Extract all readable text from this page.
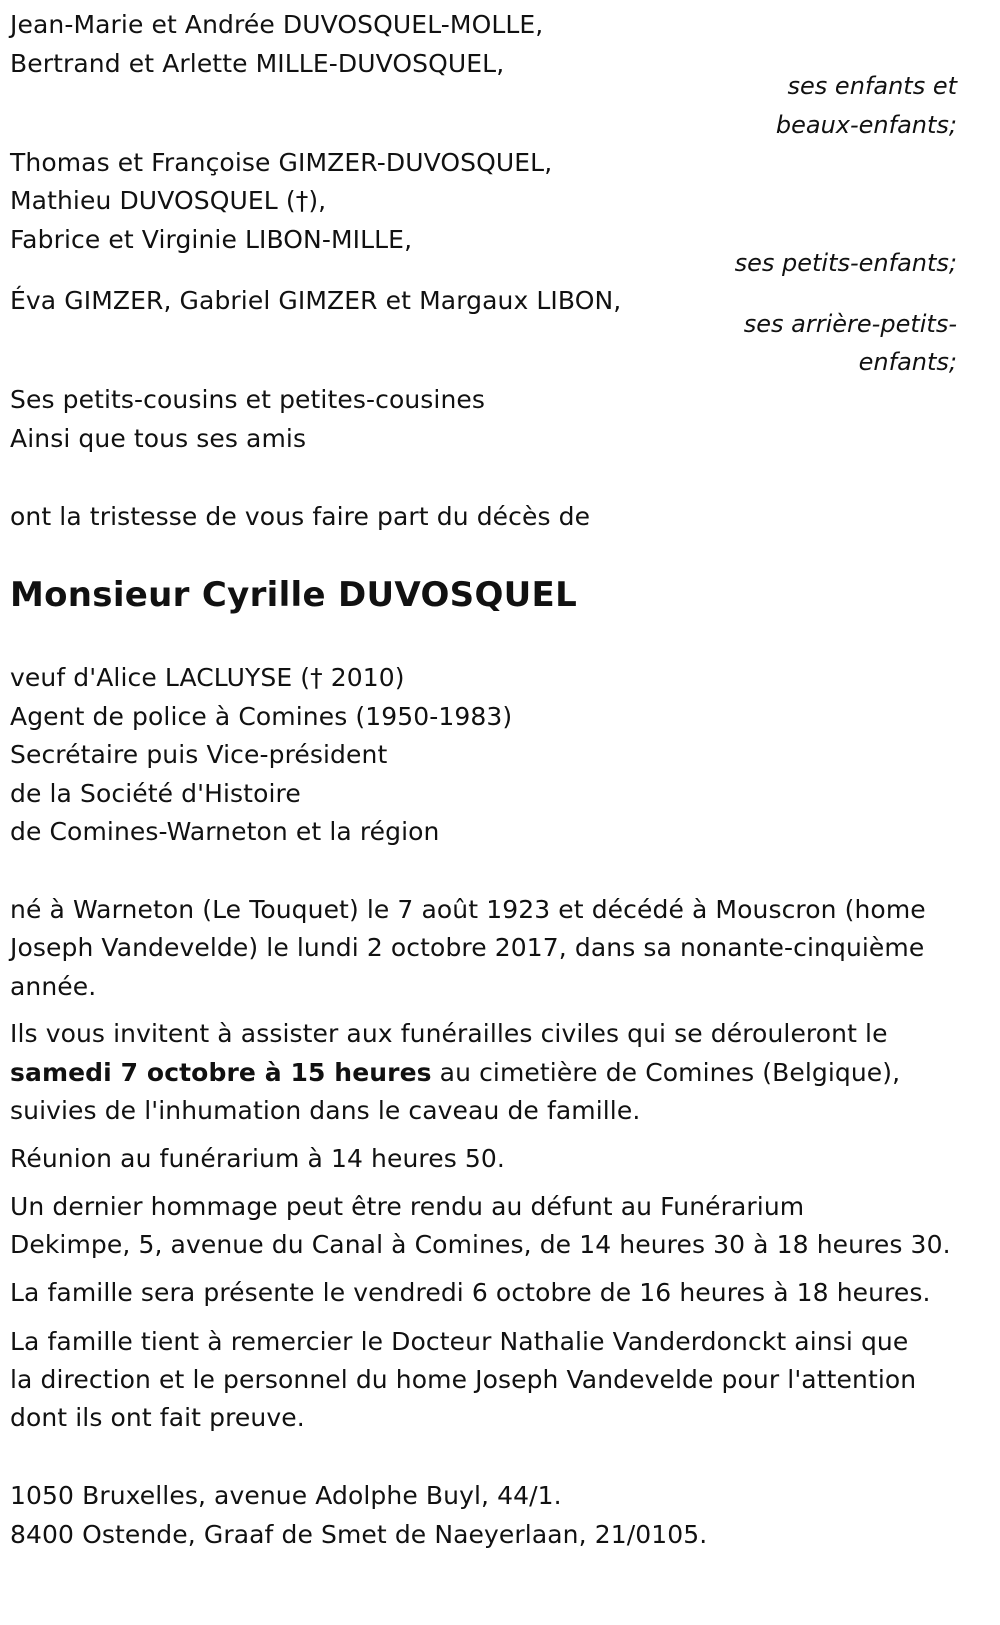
Jean-Marie et Andrée DUVOSQUEL-MOLLE,
Bertrand et Arlette MILLE-DUVOSQUEL,
ses enfants et
beaux-enfants;
Thomas et Françoise GIMZER-DUVOSQUEL,
Mathieu DUVOSQUEL (†),
Fabrice et Virginie LIBON-MILLE,
ses petits-enfants;
Éva GIMZER, Gabriel GIMZER et Margaux LIBON,
ses arrière-petits-
enfants;
Ses petits-cousins et petites-cousines
Ainsi que tous ses amis
ont la tristesse de vous faire part du décès de
Monsieur Cyrille DUVOSQUEL
veuf d'Alice LACLUYSE († 2010)
Agent de police à Comines (1950-1983)
Secrétaire puis Vice-président
de la Société d'Histoire
de Comines-Warneton et la région
né à Warneton (Le Touquet) le 7 août 1923 et décédé à Mouscron (home
Joseph Vandevelde) le lundi 2 octobre 2017, dans sa nonante-cinquième
année.
Ils vous invitent à assister aux funérailles civiles qui se dérouleront le
samedi 7 octobre à 15 heures au cimetière de Comines (Belgique),
suivies de l'inhumation dans le caveau de famille.
Réunion au funérarium à 14 heures 50.
Un dernier hommage peut être rendu au défunt au Funérarium
Dekimpe, 5, avenue du Canal à Comines, de 14 heures 30 à 18 heures 30.
La famille sera présente le vendredi 6 octobre de 16 heures à 18 heures.
La famille tient à remercier le Docteur Nathalie Vanderdonckt ainsi que
la direction et le personnel du home Joseph Vandevelde pour l'attention
dont ils ont fait preuve.
1050 Bruxelles, avenue Adolphe Buyl, 44/1.
8400 Ostende, Graaf de Smet de Naeyerlaan, 21/0105.
